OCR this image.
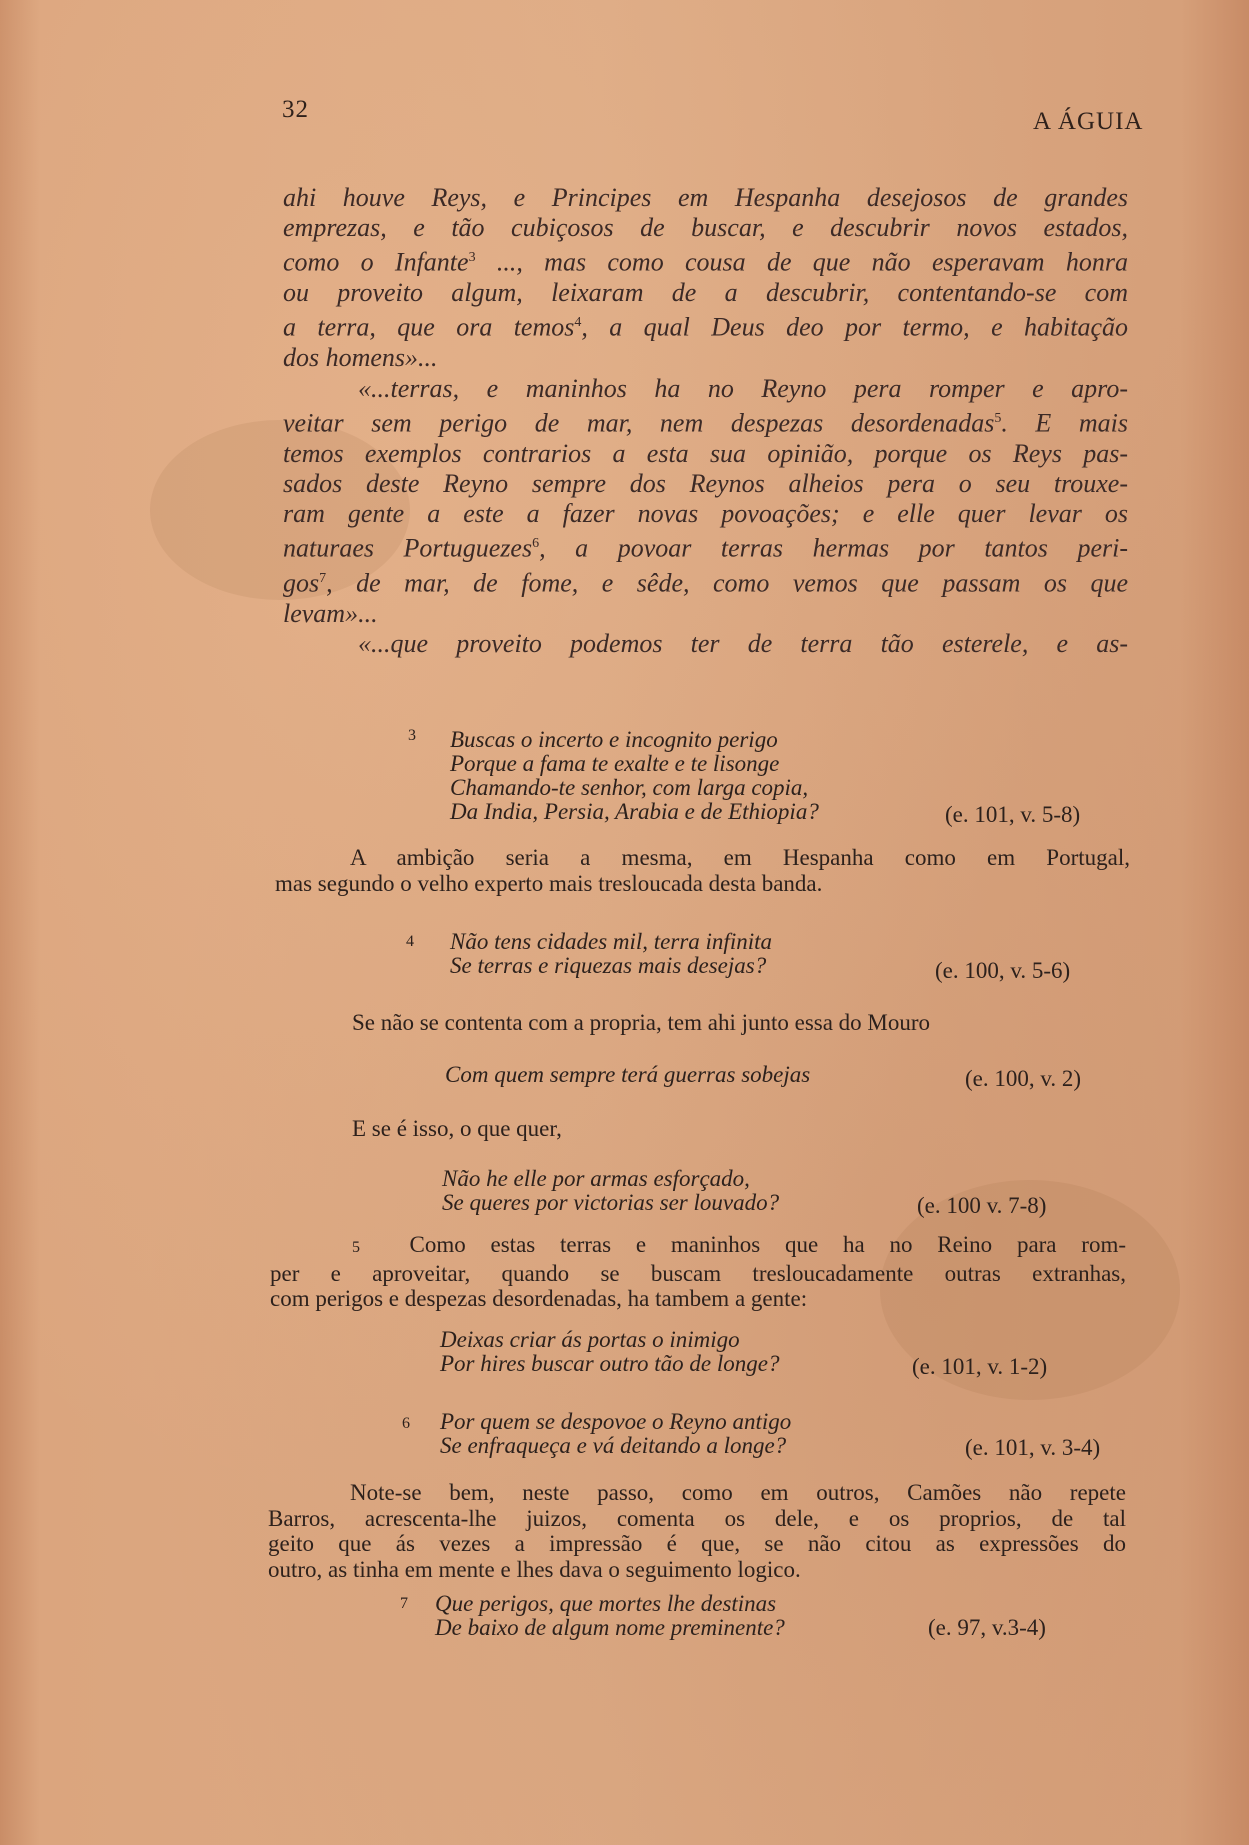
32	A ÁGUIA
ahi houve Reys, e Principes em Hespanha desejosos de grandes
emprezas, e tão cubiçosos de buscar, e descubrir novos estados,
como o Infante$^3$ ..., mas como cousa de que não esperavam honra
ou proveito algum, leixaram de a descubrir, contentando-se com
a terra, que ora temos$^4$, a qual Deus deo por termo, e habitação
dos homens»...
«...terras, e maninhos ha no Reyno pera romper e apro-
veitar sem perigo de mar, nem despezas desordenadas$^5$. E mais
temos exemplos contrarios a esta sua opinião, porque os Reys pas-
sados deste Reyno sempre dos Reynos alheios pera o seu trouxe-
ram gente a este a fazer novas povoações; e elle quer levar os
naturaes Portuguezes$^6$, a povoar terras hermas por tantos peri-
gos$^7$, de mar, de fome, e sêde, como vemos que passam os que
levam»...
«...que proveito podemos ter de terra tão esterele, e as-
3 Buscas o incerto e incognito perigo
Porque a fama te exalte e te lisonge
Chamando-te senhor, com larga copia,
Da India, Persia, Arabia e de Ethiopia?	(e. 101, v. 5-8)
A ambição seria a mesma, em Hespanha como em Portugal,
mas segundo o velho experto mais tresloucada desta banda.
4 Não tens cidades mil, terra infinita
Se terras e riquezas mais desejas?	(e. 100, v. 5-6)
Se não se contenta com a propria, tem ahi junto essa do Mouro
Com quem sempre terá guerras sobejas	(e. 100, v. 2)
E se é isso, o que quer,
Não he elle por armas esforçado,
Se queres por victorias ser louvado?	(e. 100 v. 7-8)
5 Como estas terras e maninhos que ha no Reino para rom-
per e aproveitar, quando se buscam tresloucadamente outras extranhas,
com perigos e despezas desordenadas, ha tambem a gente:
Deixas criar ás portas o inimigo
Por hires buscar outro tão de longe?	(e. 101, v. 1-2)
6 Por quem se despovoe o Reyno antigo
Se enfraqueça e vá deitando a longe?	(e. 101, v. 3-4)
Note-se bem, neste passo, como em outros, Camões não repete
Barros, acrescenta-lhe juizos, comenta os dele, e os proprios, de tal
geito que ás vezes a impressão é que, se não citou as expressões do
outro, as tinha em mente e lhes dava o seguimento logico.
7 Que perigos, que mortes lhe destinas
De baixo de algum nome preminente?	(e. 97, v.3-4)
